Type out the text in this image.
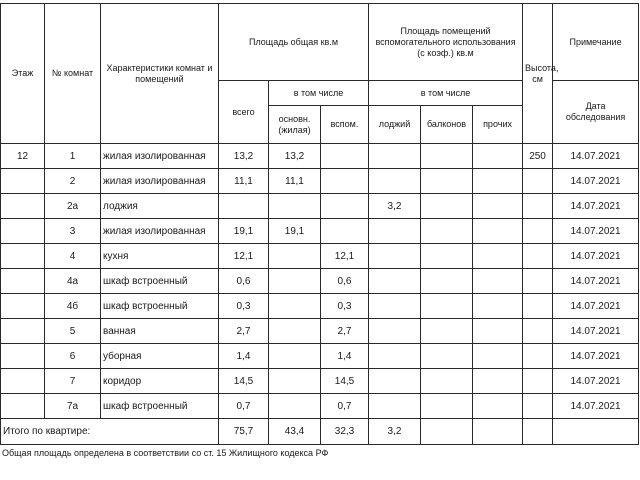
Этаж	№ комнат	Характеристики комнат и помещений	Площадь общая кв.м			Площадь помещений вспомогательного использования (с коэф.) кв.м			Высота, см	Примечание
			всего	в том числе		в том числе				Дата обследования
				основн. (жилая)	вспом.	лоджий	балконов	прочих		
12	1	жилая изолированная	13,2	13,2					250	14.07.2021
	2	жилая изолированная	11,1	11,1						14.07.2021
	2а	лоджия				3,2				14.07.2021
	3	жилая изолированная	19,1	19,1						14.07.2021
	4	кухня	12,1		12,1					14.07.2021
	4а	шкаф встроенный	0,6		0,6					14.07.2021
	4б	шкаф встроенный	0,3		0,3					14.07.2021
	5	ванная	2,7		2,7					14.07.2021
	6	уборная	1,4		1,4					14.07.2021
	7	коридор	14,5		14,5					14.07.2021
	7а	шкаф встроенный	0,7		0,7					14.07.2021
Итого по квартире:			75,7	43,4	32,3	3,2				
Общая площадь определена в соответствии со ст. 15 Жилищного кодекса РФ
